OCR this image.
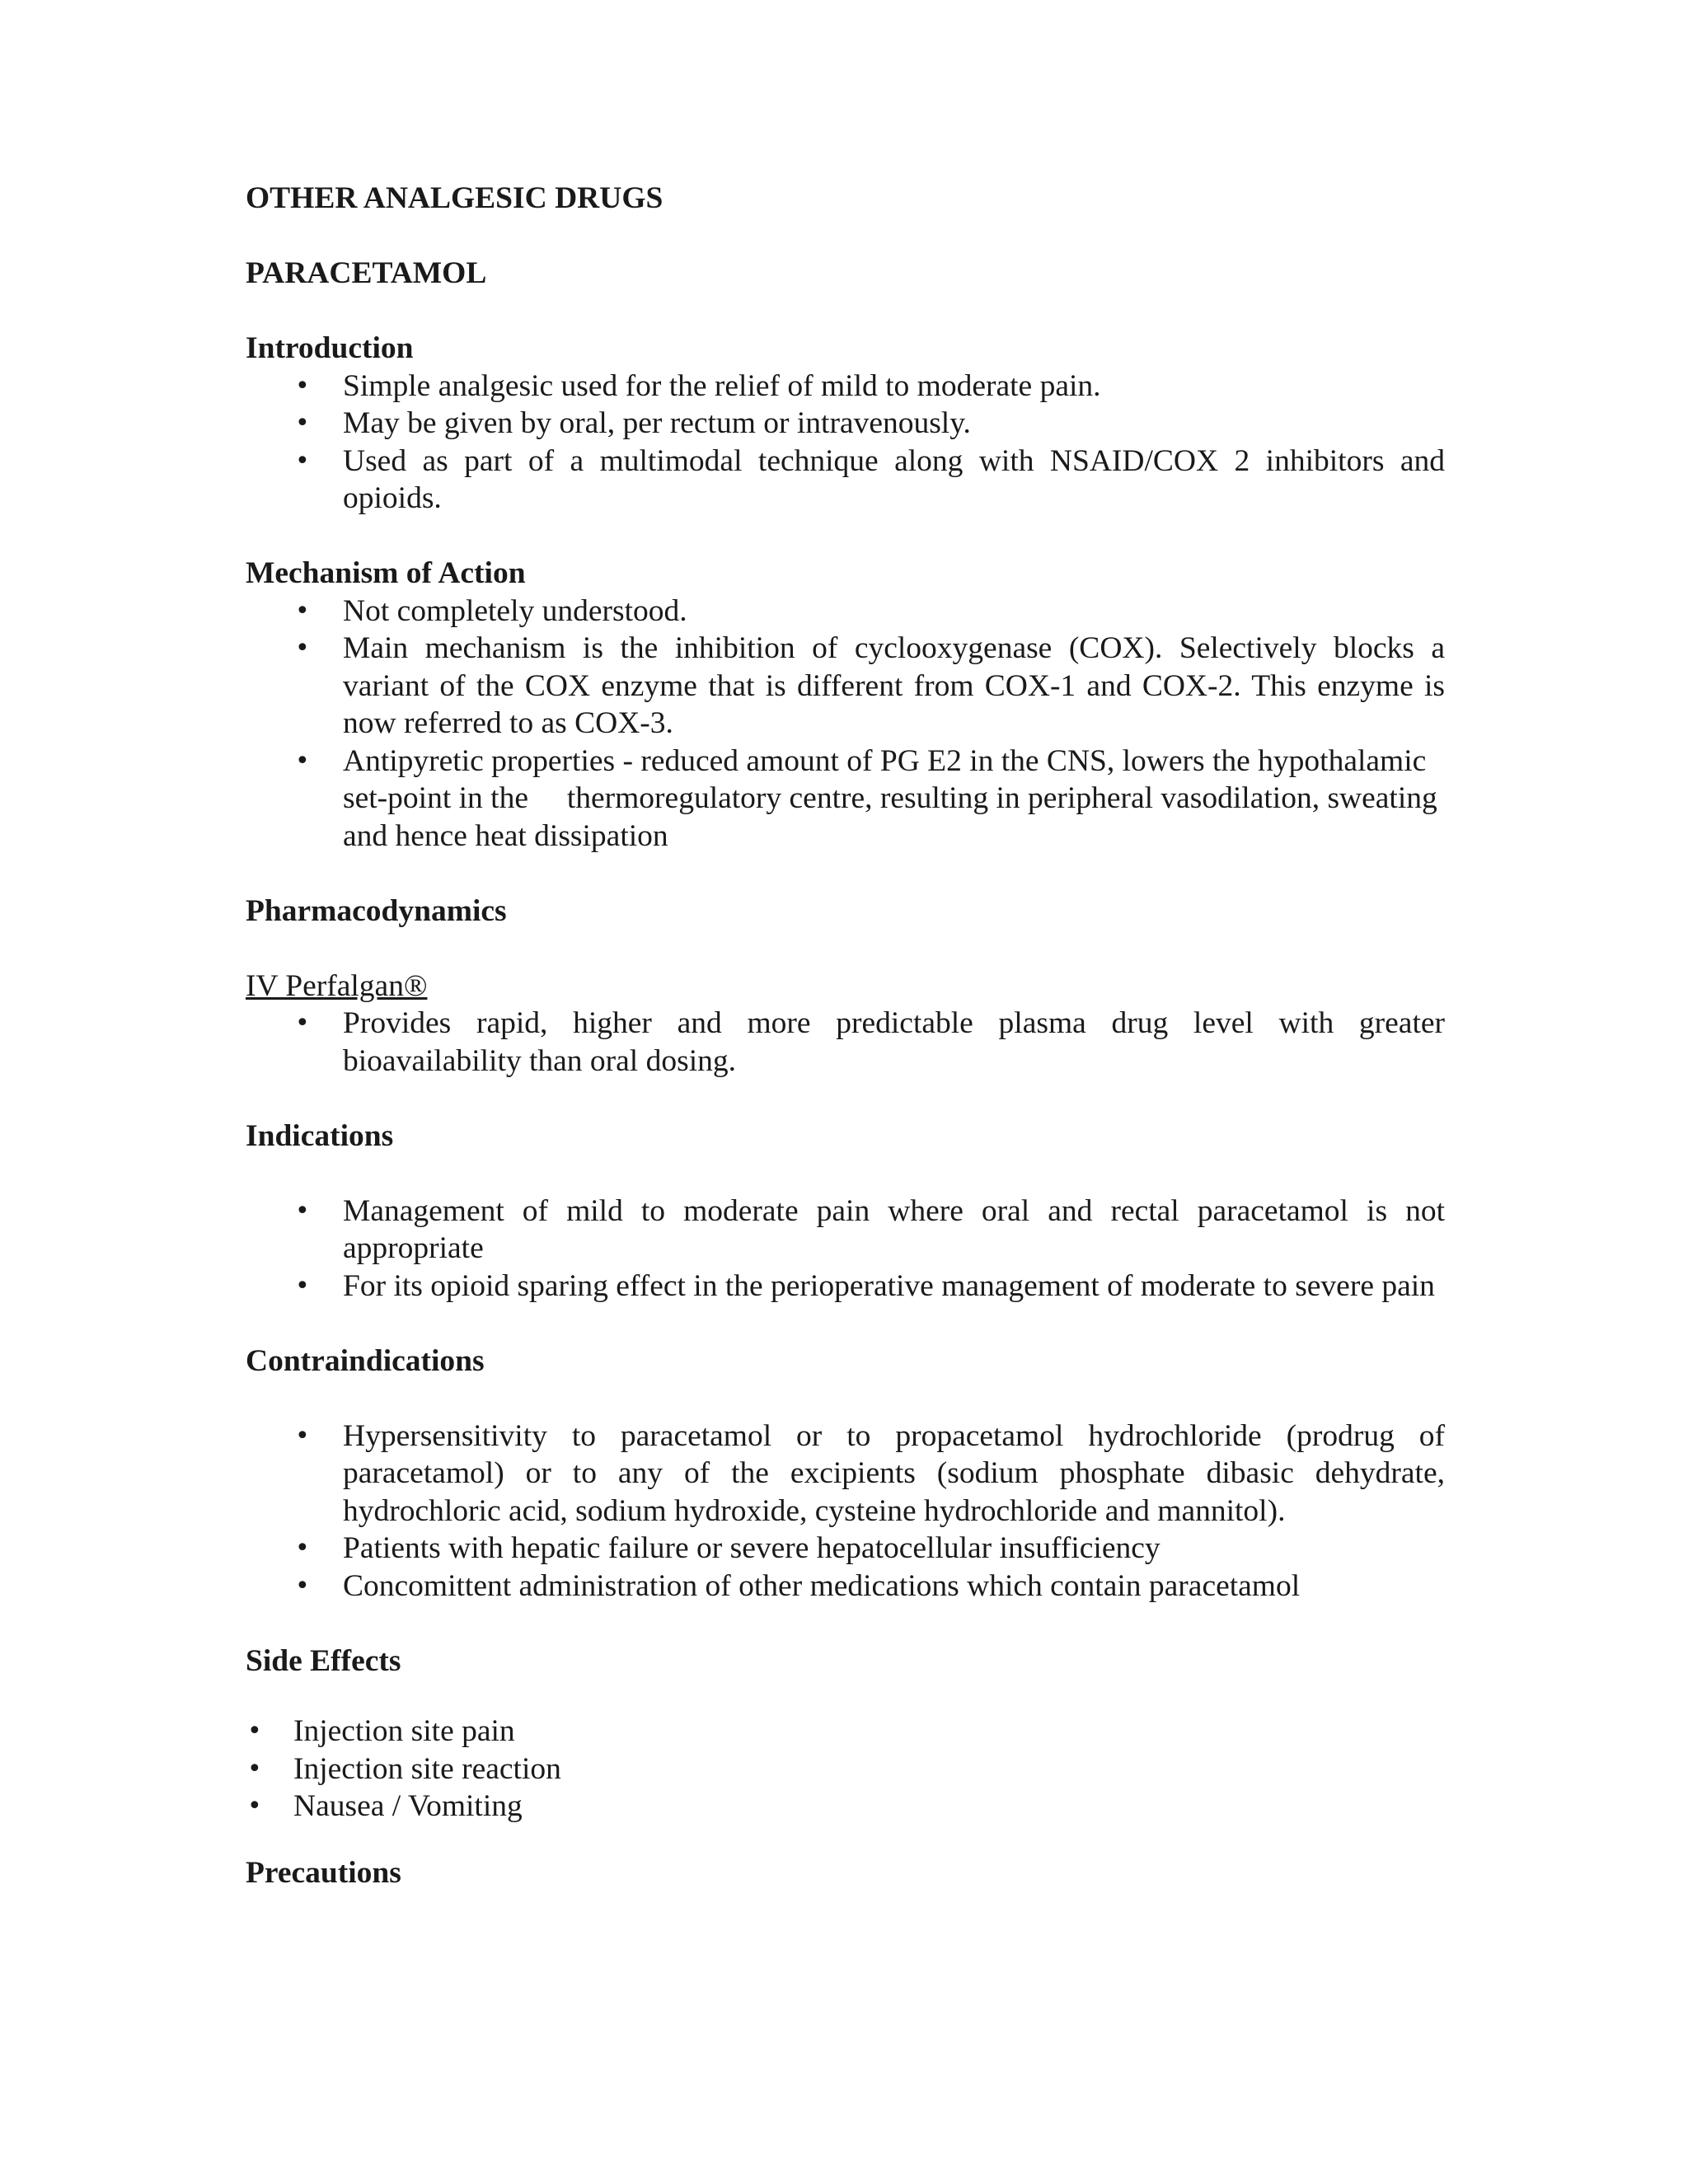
OTHER ANALGESIC DRUGS

PARACETAMOL

Introduction

• Simple analgesic used for the relief of mild to moderate pain.
• May be given by oral, per rectum or intravenously.
• Used as part of a multimodal technique along with NSAID/COX 2 inhibitors and opioids.

Mechanism of Action

• Not completely understood.
• Main mechanism is the inhibition of cyclooxygenase (COX). Selectively blocks a variant of the COX enzyme that is different from COX-1 and COX-2. This enzyme is now referred to as COX-3.
• Antipyretic properties - reduced amount of PG E2 in the CNS, lowers the hypothalamic set-point in the     thermoregulatory centre, resulting in peripheral vasodilation, sweating and hence heat dissipation

Pharmacodynamics

IV Perfalgan®

• Provides rapid, higher and more predictable plasma drug level with greater bioavailability than oral dosing.

Indications

• Management of mild to moderate pain where oral and rectal paracetamol is not appropriate
• For its opioid sparing effect in the perioperative management of moderate to severe pain

Contraindications

• Hypersensitivity to paracetamol or to propacetamol hydrochloride (prodrug of paracetamol) or to any of the excipients (sodium phosphate dibasic dehydrate, hydrochloric acid, sodium hydroxide, cysteine hydrochloride and mannitol).
• Patients with hepatic failure or severe hepatocellular insufficiency
• Concomittent administration of other medications which contain paracetamol

Side Effects

• Injection site pain
• Injection site reaction
• Nausea / Vomiting

Precautions
